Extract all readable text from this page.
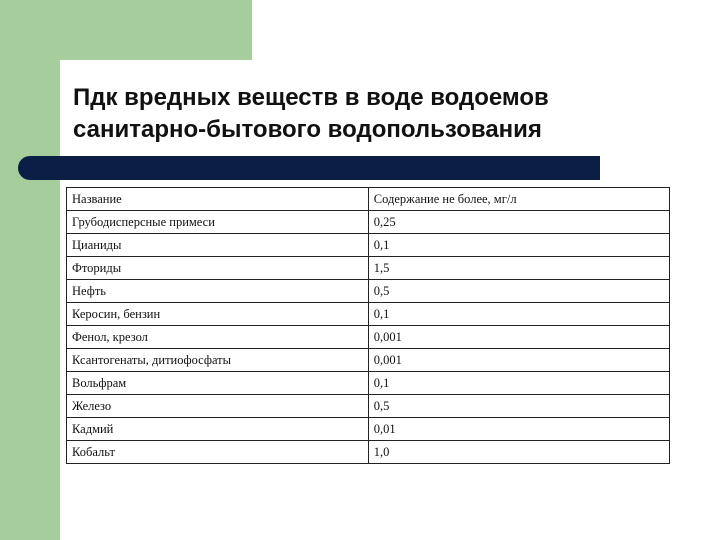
Пдк вредных веществ в воде водоемов
санитарно-бытового водопользования
Название	Содержание не более, мг/л
Грубодисперсные примеси	0,25
Цианиды	0,1
Фториды	1,5
Нефть	0,5
Керосин, бензин	0,1
Фенол, крезол	0,001
Ксантогенаты, дитиофосфаты	0,001
Вольфрам	0,1
Железо	0,5
Кадмий	0,01
Кобальт	1,0
